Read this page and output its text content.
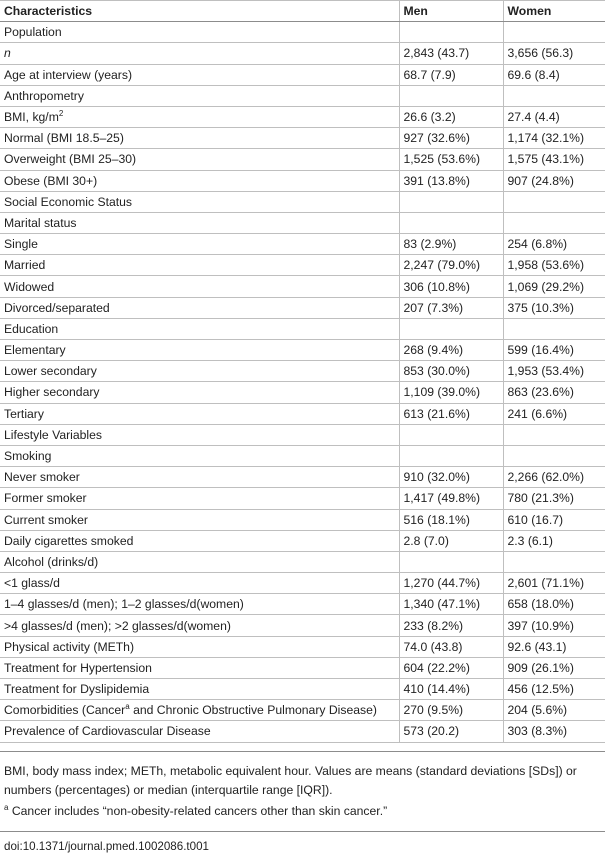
Characteristics	Men	Women
Population		
n	2,843 (43.7)	3,656 (56.3)
Age at interview (years)	68.7 (7.9)	69.6 (8.4)
Anthropometry		
BMI, $kg/m^2$	26.6 (3.2)	27.4 (4.4)
Normal (BMI 18.5–25)	927 (32.6%)	1,174 (32.1%)
Overweight (BMI 25–30)	1,525 (53.6%)	1,575 (43.1%)
Obese (BMI 30+)	391 (13.8%)	907 (24.8%)
Social Economic Status		
Marital status		
Single	83 (2.9%)	254 (6.8%)
Married	2,247 (79.0%)	1,958 (53.6%)
Widowed	306 (10.8%)	1,069 (29.2%)
Divorced/separated	207 (7.3%)	375 (10.3%)
Education		
Elementary	268 (9.4%)	599 (16.4%)
Lower secondary	853 (30.0%)	1,953 (53.4%)
Higher secondary	1,109 (39.0%)	863 (23.6%)
Tertiary	613 (21.6%)	241 (6.6%)
Lifestyle Variables		
Smoking		
Never smoker	910 (32.0%)	2,266 (62.0%)
Former smoker	1,417 (49.8%)	780 (21.3%)
Current smoker	516 (18.1%)	610 (16.7)
Daily cigarettes smoked	2.8 (7.0)	2.3 (6.1)
Alcohol (drinks/d)		
<1 glass/d	1,270 (44.7%)	2,601 (71.1%)
1–4 glasses/d (men); 1–2 glasses/d(women)	1,340 (47.1%)	658 (18.0%)
>4 glasses/d (men); >2 glasses/d(women)	233 (8.2%)	397 (10.9%)
Physical activity (METh)	74.0 (43.8)	92.6 (43.1)
Treatment for Hypertension	604 (22.2%)	909 (26.1%)
Treatment for Dyslipidemia	410 (14.4%)	456 (12.5%)
Comorbidities (Cancer$^a$ and Chronic Obstructive Pulmonary Disease)	270 (9.5%)	204 (5.6%)
Prevalence of Cardiovascular Disease	573 (20.2)	303 (8.3%)
BMI, body mass index; METh, metabolic equivalent hour. Values are means (standard deviations [SDs]) or numbers (percentages) or median (interquartile range [IQR]).
$^a$ Cancer includes “non-obesity-related cancers other than skin cancer.”
doi:10.1371/journal.pmed.1002086.t001
